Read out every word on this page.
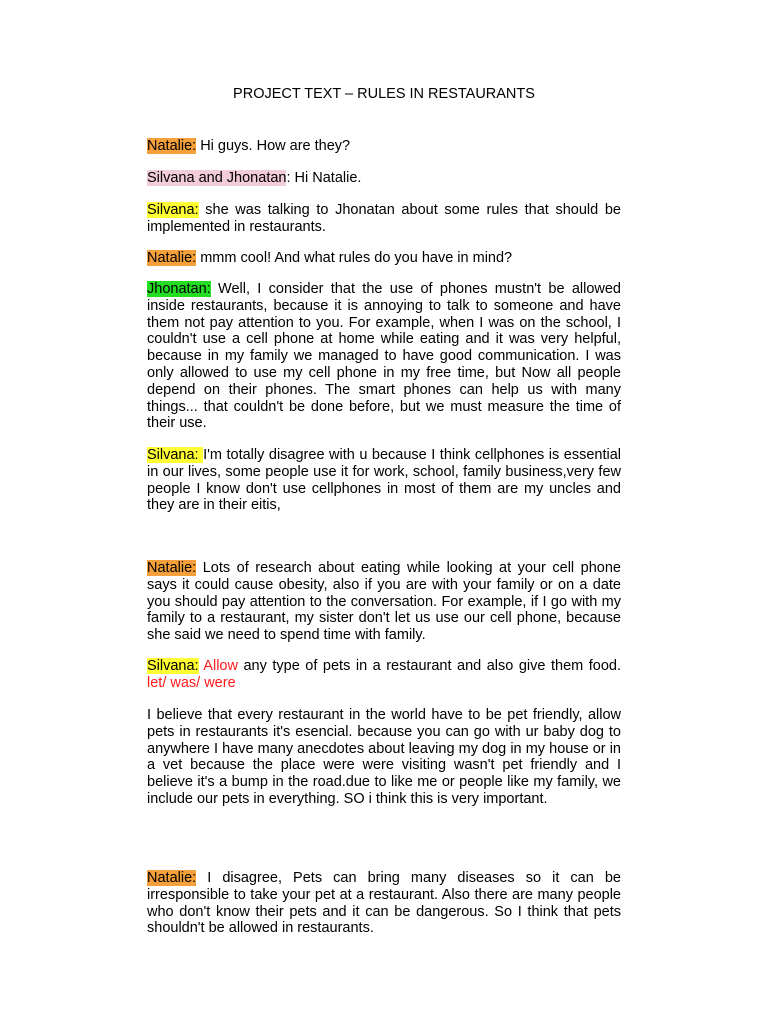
PROJECT TEXT – RULES IN RESTAURANTS

Natalie: Hi guys. How are they?

Silvana and Jhonatan: Hi Natalie.

Silvana: she was talking to Jhonatan about some rules that should be implemented in restaurants.

Natalie: mmm cool! And what rules do you have in mind?

Jhonatan: Well, I consider that the use of phones mustn't be allowed inside restaurants, because it is annoying to talk to someone and have them not pay attention to you. For example, when I was on the school, I couldn't use a cell phone at home while eating and it was very helpful, because in my family we managed to have good communication. I was only allowed to use my cell phone in my free time, but Now all people depend on their phones. The smart phones can help us with many things... that couldn't be done before, but we must measure the time of their use.

Silvana: I'm totally disagree with u because I think cellphones is essential in our lives, some people use it for work, school, family business,very few people I know don't use cellphones in most of them are my uncles and they are in their eitis,

Natalie: Lots of research about eating while looking at your cell phone says it could cause obesity, also if you are with your family or on a date you should pay attention to the conversation. For example, if I go with my family to a restaurant, my sister don't let us use our cell phone, because she said we need to spend time with family.

Silvana: Allow any type of pets in a restaurant and also give them food. let/ was/ were

I believe that every restaurant in the world have to be pet friendly, allow pets in restaurants it's esencial. because you can go with ur baby dog to anywhere I have many anecdotes about leaving my dog in my house or in a vet because the place were were visiting wasn't pet friendly and I believe it's a bump in the road.due to like me or people like my family, we include our pets in everything. SO i think this is very important.

Natalie: I disagree, Pets can bring many diseases so it can be irresponsible to take your pet at a restaurant. Also there are many people who don't know their pets and it can be dangerous. So I think that pets shouldn't be allowed in restaurants.
